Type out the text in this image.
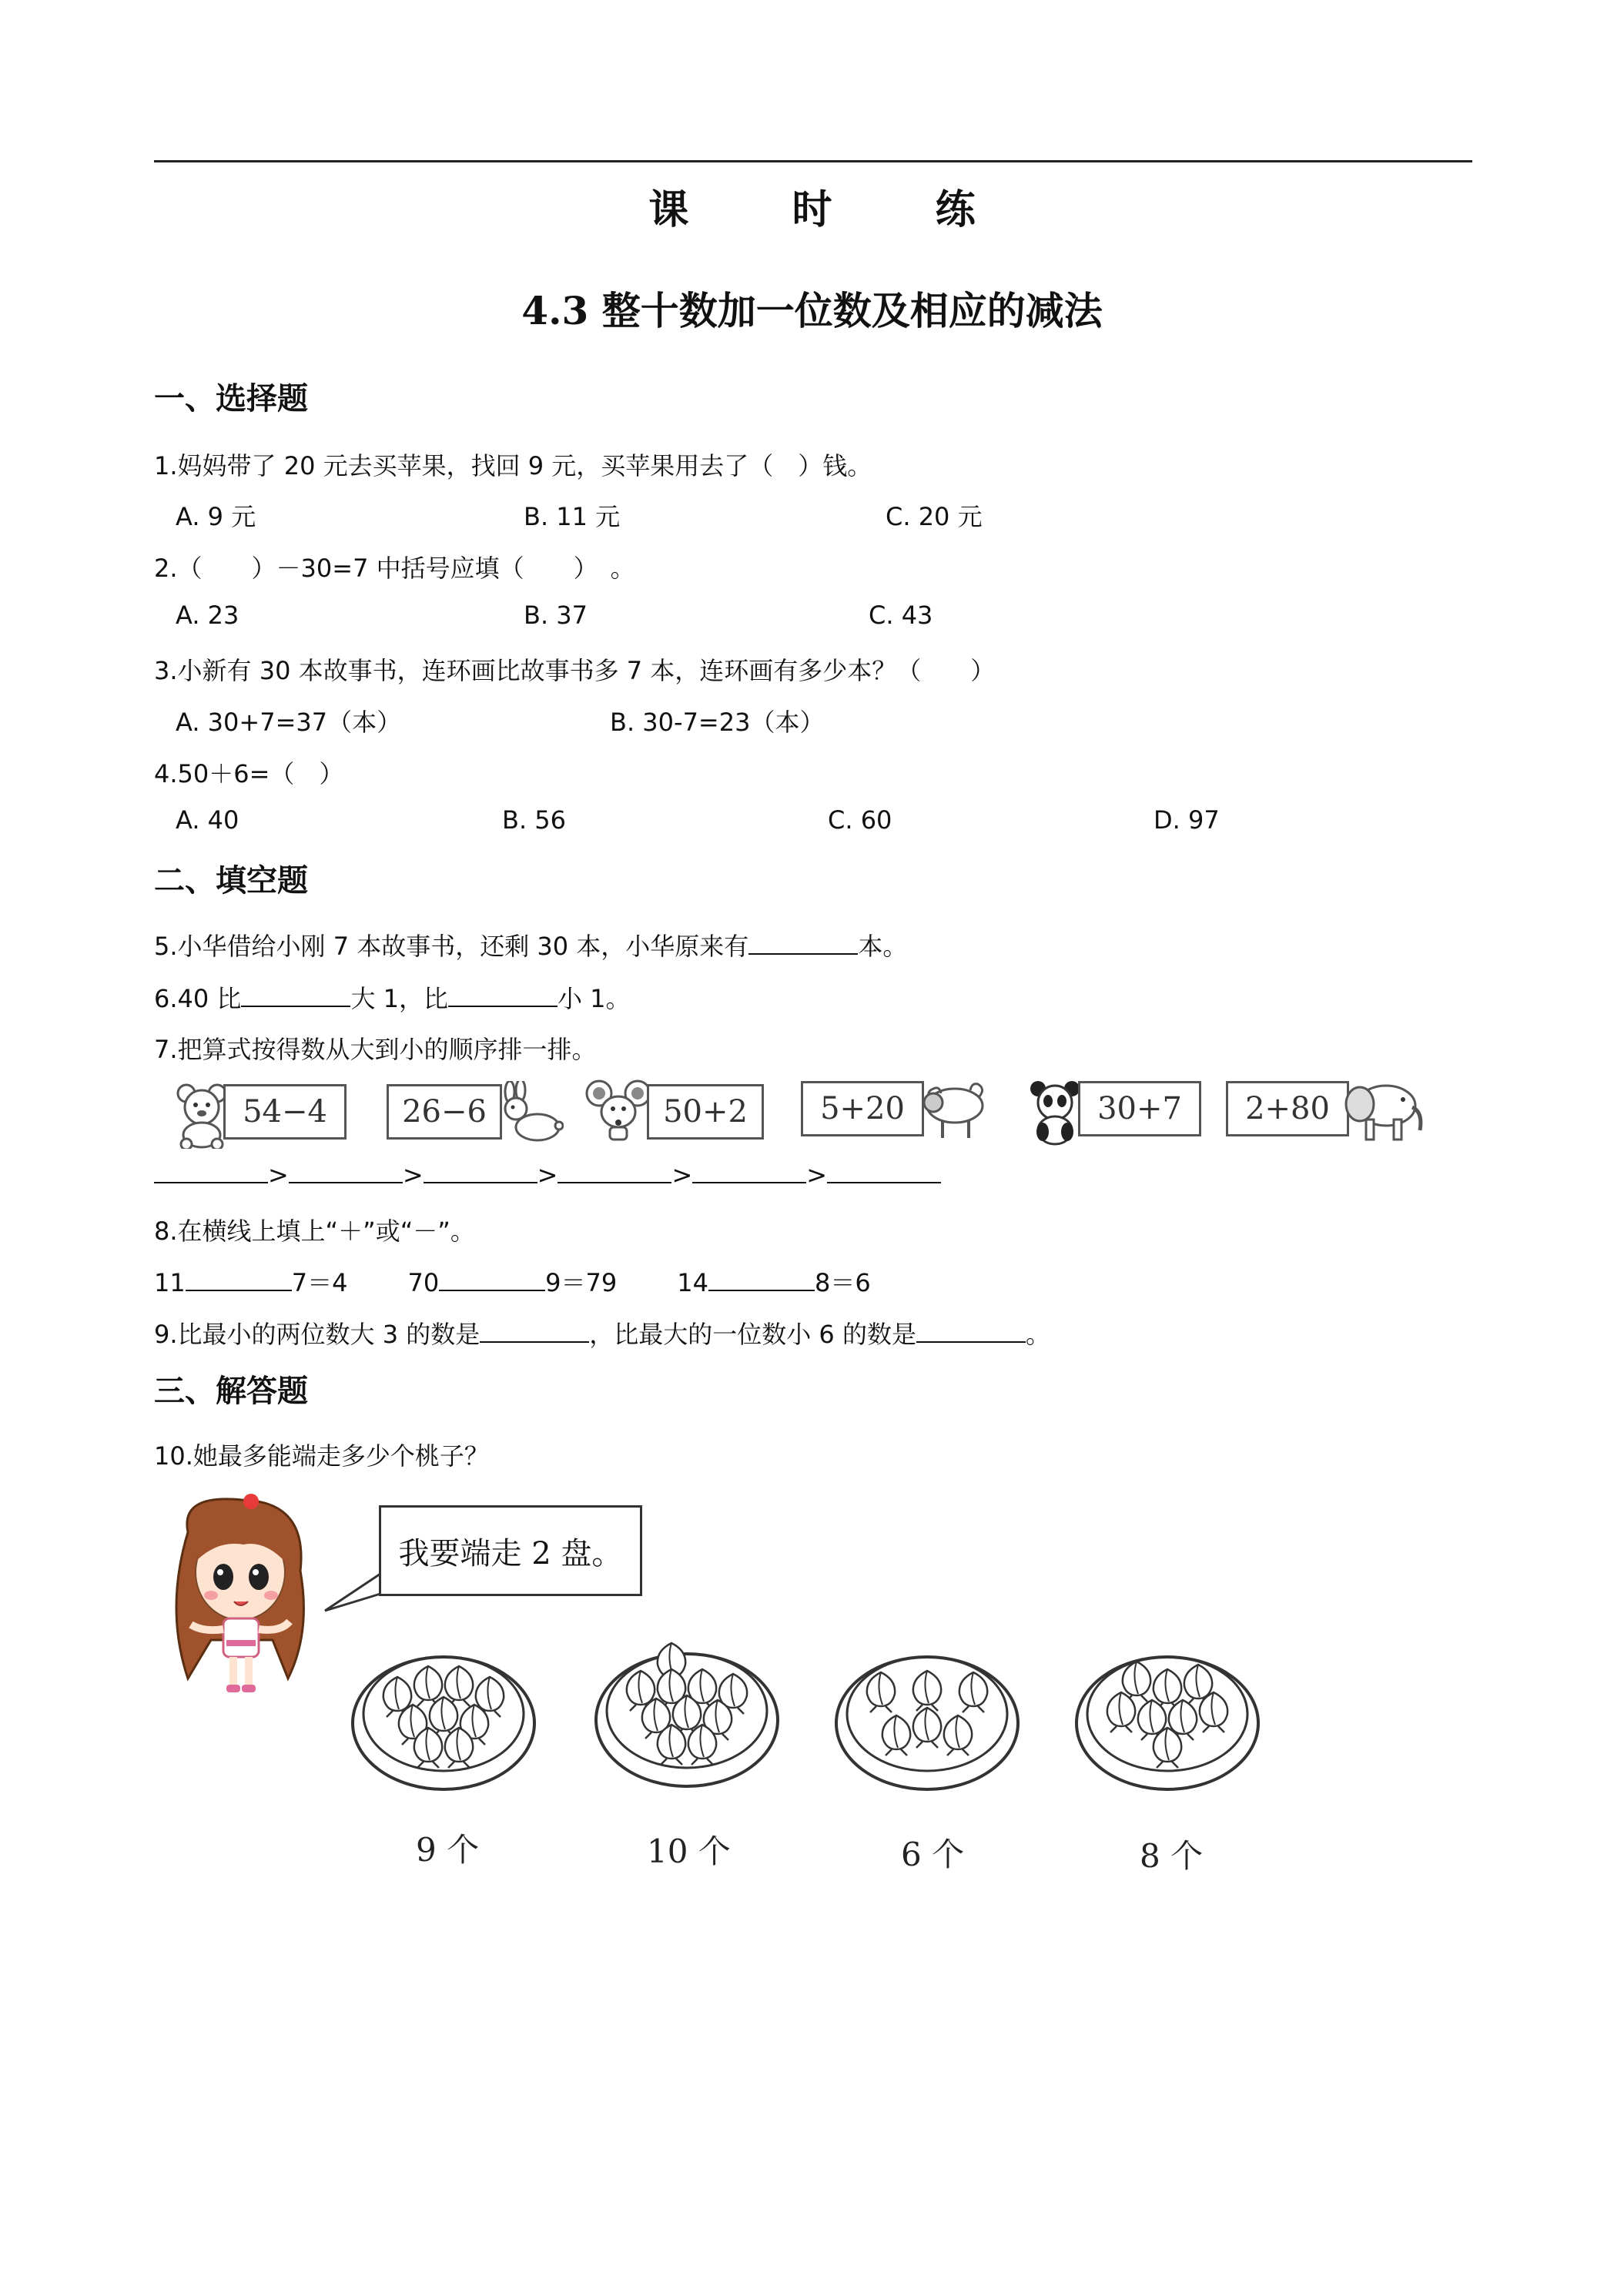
课 时 练
4.3 整十数加一位数及相应的减法
一、选择题
1.妈妈带了 20 元去买苹果，找回 9 元，买苹果用去了（　）钱。
A. 9 元	B. 11 元	C. 20 元
2.（　　）－30=7 中括号应填（　　）　。
A. 23	B. 37	C. 43
3.小新有 30 本故事书，连环画比故事书多 7 本，连环画有多少本？（　　）
A. 30+7=37（本）	B. 30-7=23（本）
4.50＋6=（　）
A. 40	B. 56	C. 60	D. 97
二、填空题
5.小华借给小刚 7 本故事书，还剩 30 本，小华原来有	本。
6.40 比	大 1，比	小 1。
7.把算式按得数从大到小的顺序排一排。
54−4	26−6	50+2	5+20	30+7	2+80
>	>	>	>	>
8.在横线上填上“＋”或“－”。
11	7＝4 70	9＝79 14	8＝6
9.比最小的两位数大 3 的数是	，比最大的一位数小 6 的数是	。
三、解答题
10.她最多能端走多少个桃子？
我要端走 2 盘。
9 个	10 个	6 个	8 个
